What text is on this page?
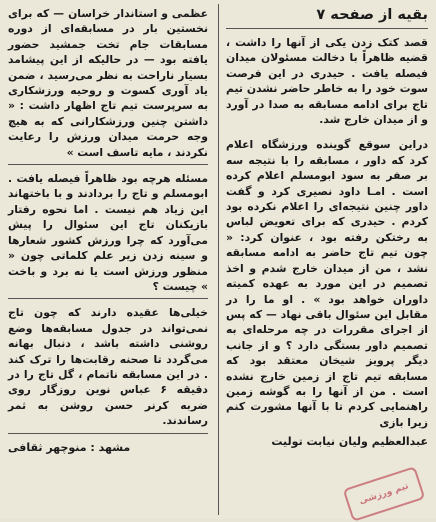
بقیه از صفحه ۷

قصد کتک زدن یکی از آنها را داشت ، قضیه ظاهراً با دخالت مسئولان میدان فیصله یافت . حیدری در این فرصت سوت خود را به خاطر حاضر نشدن تیم تاج برای ادامه مسابقه به صدا در آورد و از میدان خارج شد.

دراین سوقع گوینده ورزشگاه اعلام کرد که داور ، مسابقه را با نتیجه سه بر صفر به سود ابومسلم اعلام کرده است . امـا داود نصیری کرد و گفت داور چنین نتیجه‌ای را اعلام نکرده بود کردم . حیدری که برای تعویض لباس به رختکن رفته بود ، عنوان کرد: « چون تیم تاج حاضر به ادامه مسابقه نشد ، من از میدان خارج شدم و اخذ تصمیم در این مورد به عهده کمیته داوران خواهد بود » . او ما را در مقابل این سئوال باقی نهاد — که پس از اجرای مقررات در چه مرحله‌ای به تصمیم داور بستگی دارد ؟ و از جانب دیگر پرویز شیخان معتقد بود که مسابقه تیم تاج از زمین خارج نشده است . من از آنها را به گوشه زمین راهنمایی کردم تا با آنها مشورت کنم زیرا بازی

عبدالعظیم ولیان نیابت تولیت

عظمی و استاندار خراسان — که برای نخستین بار در مسابقه‌ای از دوره مسابقات جام تخت جمشید حضور یافته بود — در حالیکه از این پیشامد بسیار ناراحت به نظر می‌رسید ، ضمن یاد آوری کسوت و روحیه ورزشکاری به سرپرست تیم تاج اظهار داشت : « داشتن چنین ورزشکارانی که به هیچ وجه حرمت میدان ورزش را رعایت نکردند ، مایه تاسف است »

مسئله هرچه بود ظاهراً فیصله یافت . ابومسلم و تاج را بردادند و با باختهاند این زیاد هم نیست . اما نحوه رفتار بازیکنان تاج این سئوال را پیش می‌آورد که چرا ورزش کشور شعارها و سینه زدن زیر علم کلماتی چون « منظور ورزش است یا نه برد و باخت » چیست ؟

خیلی‌ها عقیده دارند که چون تاج نمی‌تواند در جدول مسابقه‌ها وضع روشنی داشته باشد ، دنبال بهانه می‌گردد تا صحنه رقابت‌ها را ترک کند . در این مسابقه ناتمام ، گل تاج را در دقیقه ۶ عباس نوین روزگار روی ضربه کرنر حسن روشن به ثمر رساندند.

مشهد : منوچهر ثقافی
تیم ورزشی
